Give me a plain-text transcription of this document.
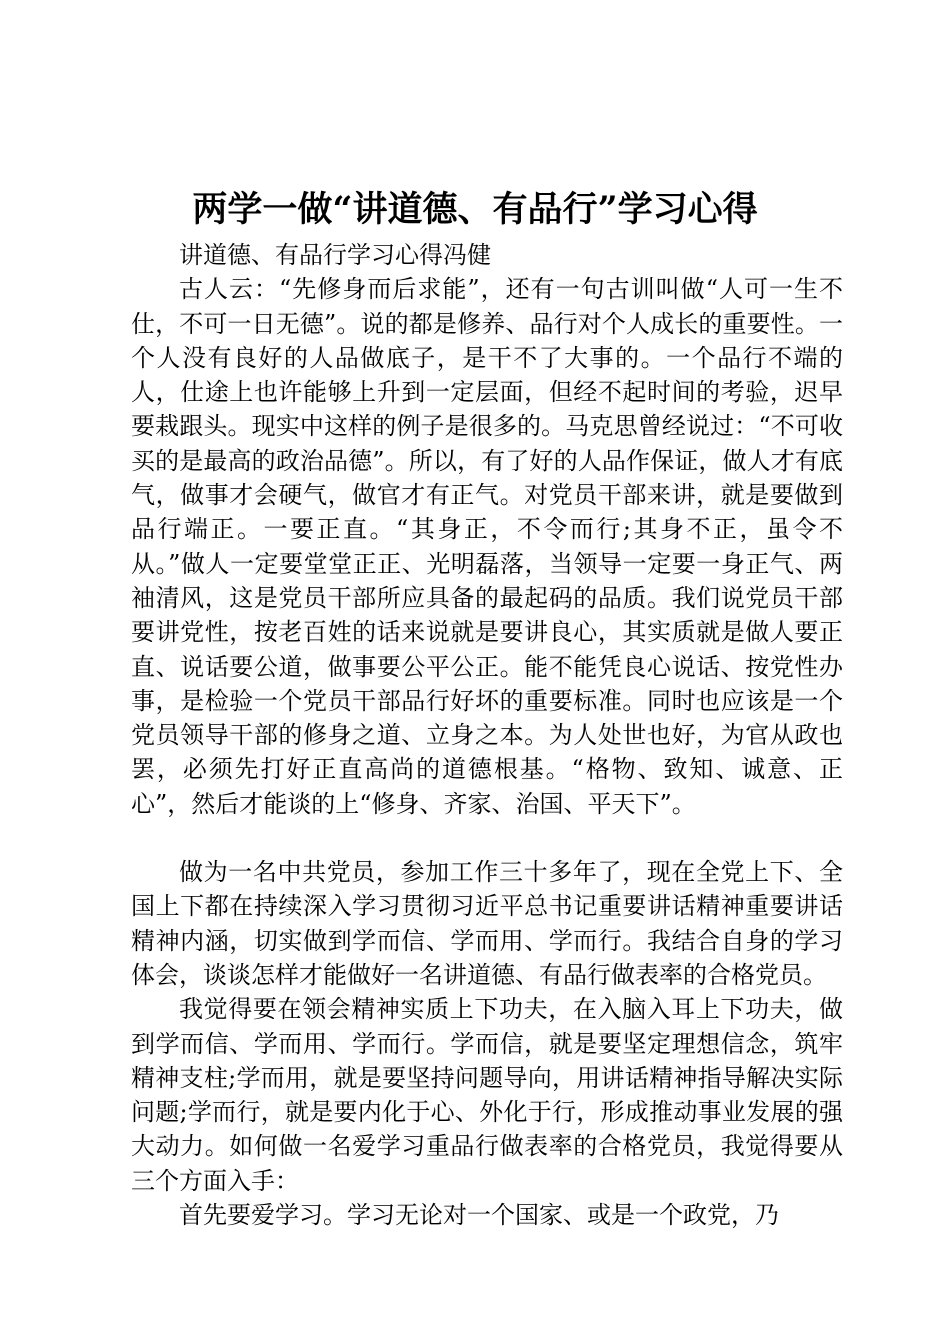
两学一做“讲道德、有品行”学习心得

讲道德、有品行学习心得冯健

古人云：“先修身而后求能”，还有一句古训叫做“人可一生不仕，不可一日无德”。说的都是修养、品行对个人成长的重要性。一个人没有良好的人品做底子，是干不了大事的。一个品行不端的人，仕途上也许能够上升到一定层面，但经不起时间的考验，迟早要栽跟头。现实中这样的例子是很多的。马克思曾经说过：“不可收买的是最高的政治品德”。所以，有了好的人品作保证，做人才有底气，做事才会硬气，做官才有正气。对党员干部来讲，就是要做到品行端正。一要正直。“其身正，不令而行;其身不正，虽令不从。”做人一定要堂堂正正、光明磊落，当领导一定要一身正气、两袖清风，这是党员干部所应具备的最起码的品质。我们说党员干部要讲党性，按老百姓的话来说就是要讲良心，其实质就是做人要正直、说话要公道，做事要公平公正。能不能凭良心说话、按党性办事，是检验一个党员干部品行好坏的重要标准。同时也应该是一个党员领导干部的修身之道、立身之本。为人处世也好，为官从政也罢，必须先打好正直高尚的道德根基。“格物、致知、诚意、正心”，然后才能谈的上“修身、齐家、治国、平天下”。

做为一名中共党员，参加工作三十多年了，现在全党上下、全国上下都在持续深入学习贯彻习近平总书记重要讲话精神重要讲话精神内涵，切实做到学而信、学而用、学而行。我结合自身的学习体会，谈谈怎样才能做好一名讲道德、有品行做表率的合格党员。

我觉得要在领会精神实质上下功夫，在入脑入耳上下功夫，做到学而信、学而用、学而行。学而信，就是要坚定理想信念，筑牢精神支柱;学而用，就是要坚持问题导向，用讲话精神指导解决实际问题;学而行，就是要内化于心、外化于行，形成推动事业发展的强大动力。如何做一名爱学习重品行做表率的合格党员，我觉得要从三个方面入手：

首先要爱学习。学习无论对一个国家、或是一个政党，乃
